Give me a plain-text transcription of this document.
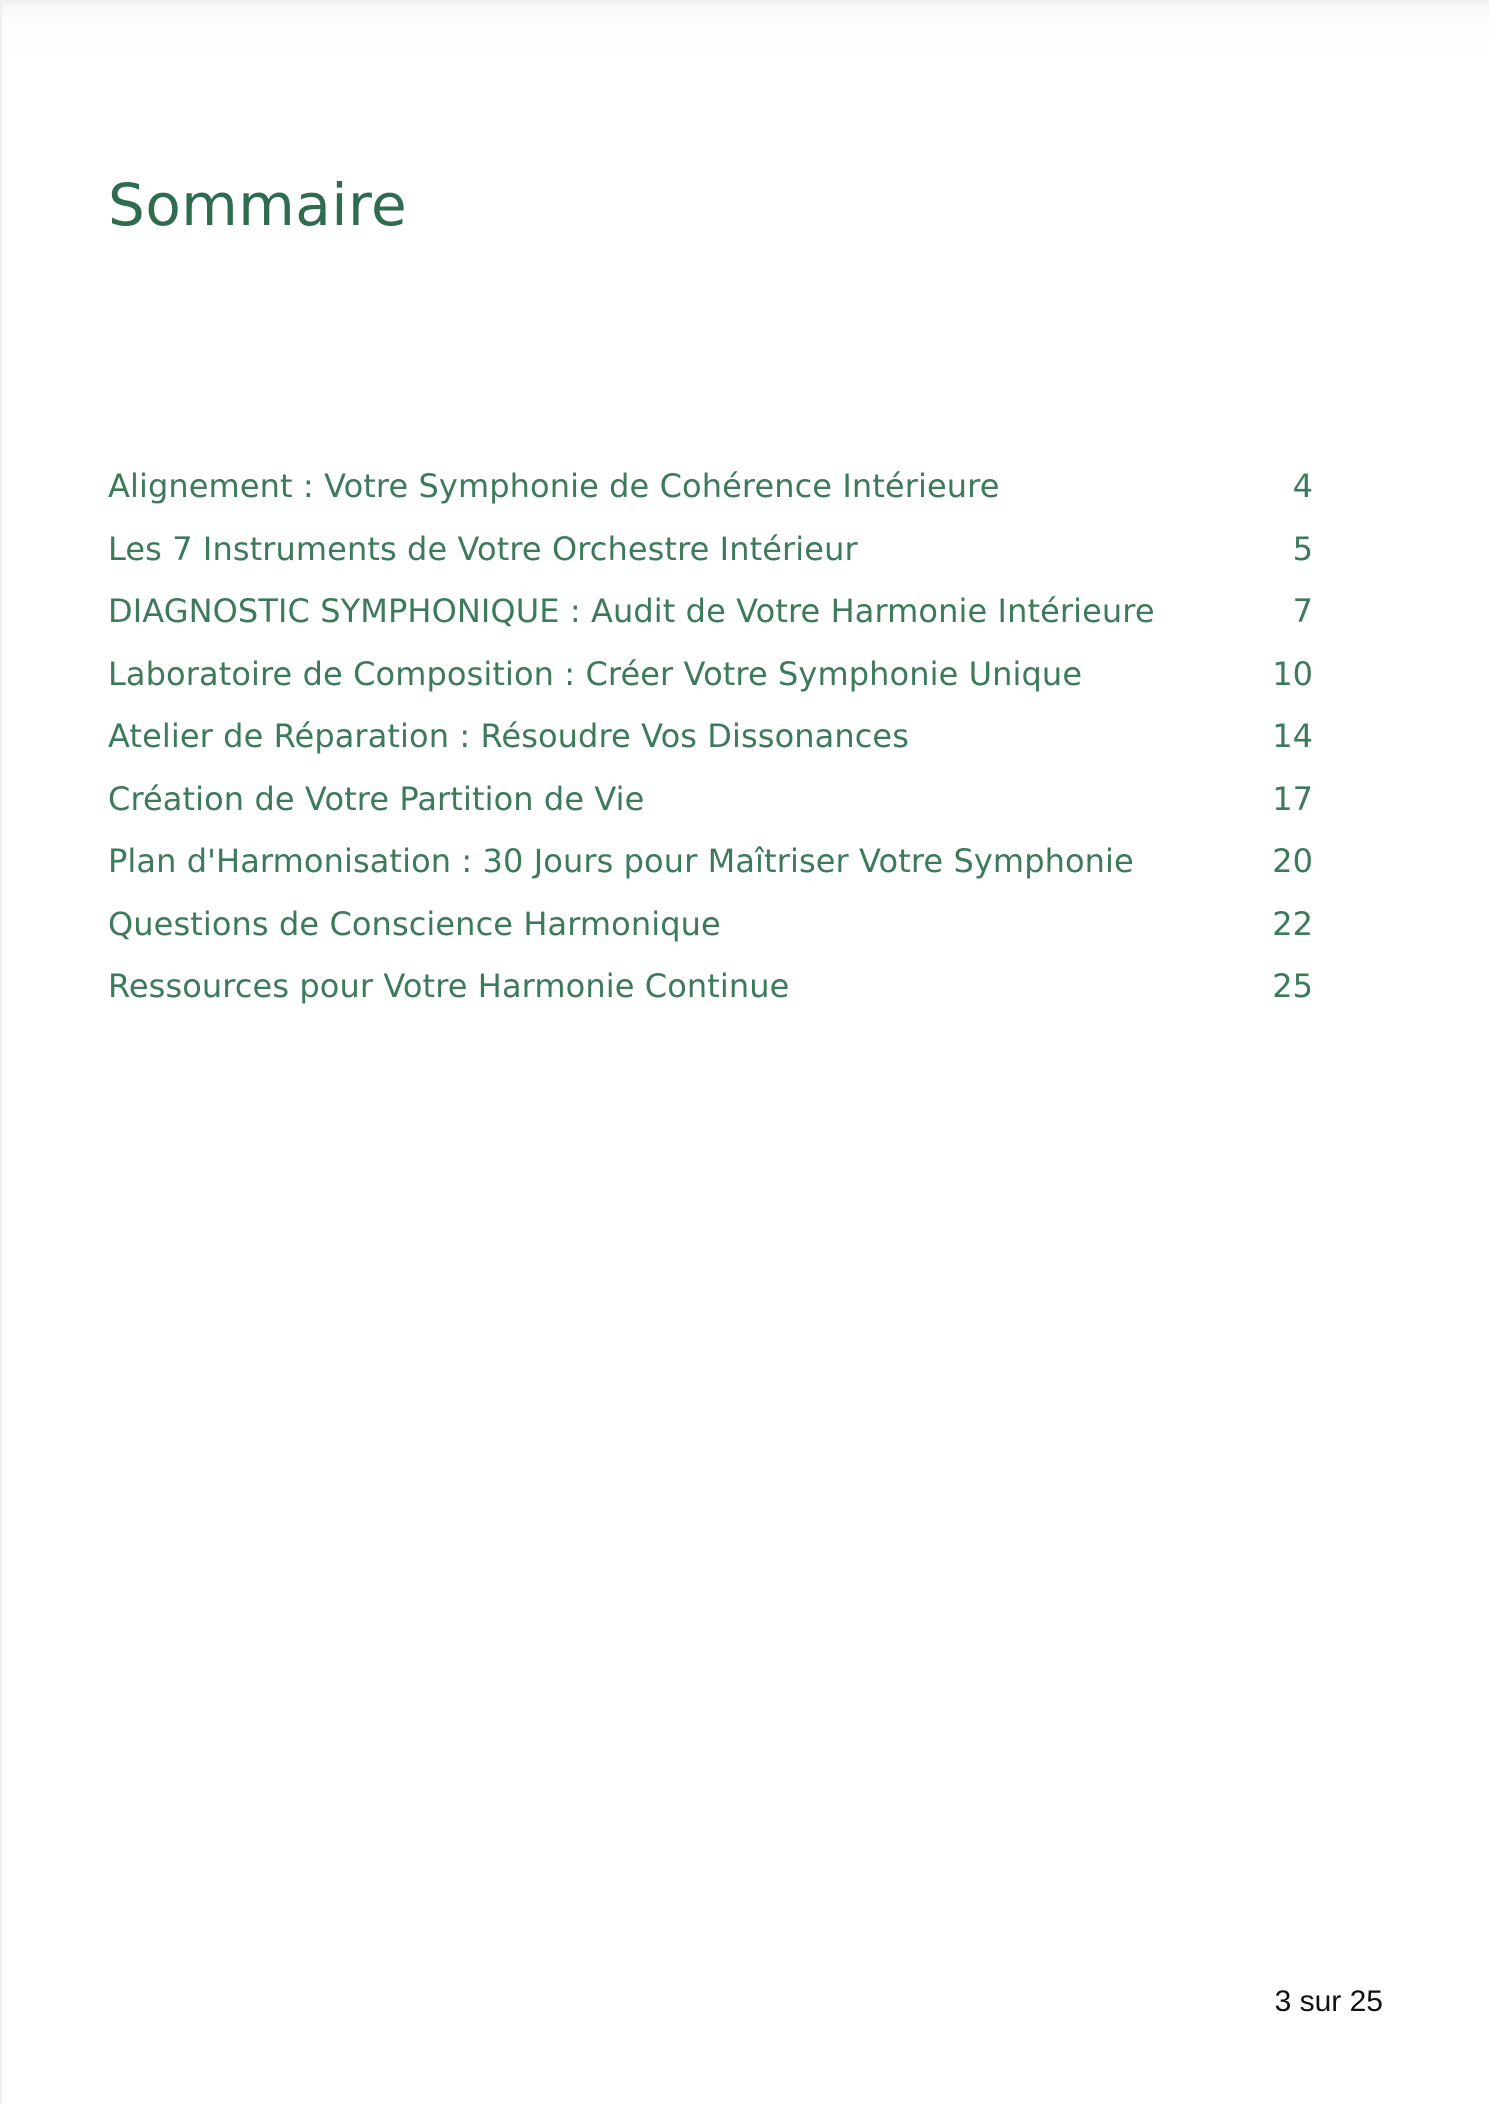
Sommaire
Alignement : Votre Symphonie de Cohérence Intérieure	4
Les 7 Instruments de Votre Orchestre Intérieur	5
DIAGNOSTIC SYMPHONIQUE : Audit de Votre Harmonie Intérieure	7
Laboratoire de Composition : Créer Votre Symphonie Unique	10
Atelier de Réparation : Résoudre Vos Dissonances	14
Création de Votre Partition de Vie	17
Plan d'Harmonisation : 30 Jours pour Maîtriser Votre Symphonie	20
Questions de Conscience Harmonique	22
Ressources pour Votre Harmonie Continue	25
3 sur 25
